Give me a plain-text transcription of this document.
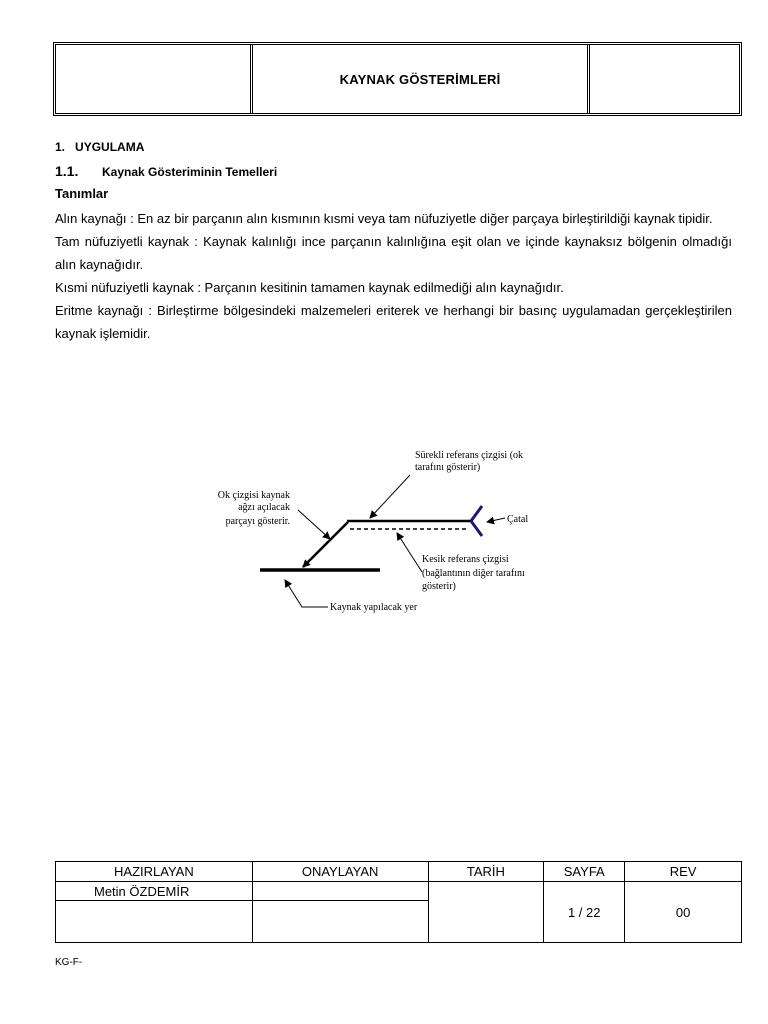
KAYNAK GÖSTERİMLERİ
1. UYGULAMA
1.1.	Kaynak Gösteriminin Temelleri
Tanımlar

Alın kaynağı : En az bir parçanın alın kısmının kısmi veya tam nüfuziyetle diğer parçaya birleştirildiği kaynak tipidir.

Tam nüfuziyetli kaynak : Kaynak kalınlığı ince parçanın kalınlığına eşit olan ve içinde kaynaksız bölgenin olmadığı alın kaynağıdır.

Kısmi nüfuziyetli kaynak : Parçanın kesitinin tamamen kaynak edilmediği alın kaynağıdır.

Eritme kaynağı : Birleştirme bölgesindeki malzemeleri eriterek ve herhangi bir basınç uygulamadan gerçekleştirilen kaynak işlemidir.

Sürekli referans çizgisi (ok
tarafını gösterir)
Ok çizgisi kaynak
ağzı açılacak
parçayı gösterir.	Çatal
Kesik referans çizgisi
(bağlantının diğer tarafını
gösterir)
Kaynak yapılacak yer
HAZIRLAYAN	ONAYLAYAN	TARİH	SAYFA	REV
Metin ÖZDEMİR			1 / 22	00

KG-F-
